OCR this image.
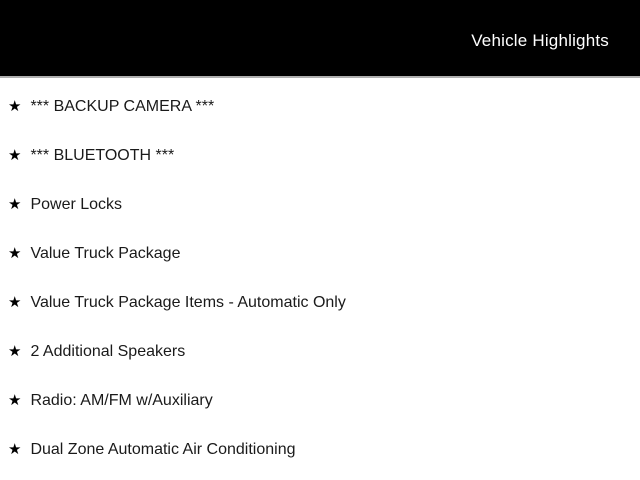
Vehicle Highlights
★ *** BACKUP CAMERA ***
★ *** BLUETOOTH ***
★ Power Locks
★ Value Truck Package
★ Value Truck Package Items - Automatic Only
★ 2 Additional Speakers
★ Radio: AM/FM w/Auxiliary
★ Dual Zone Automatic Air Conditioning
